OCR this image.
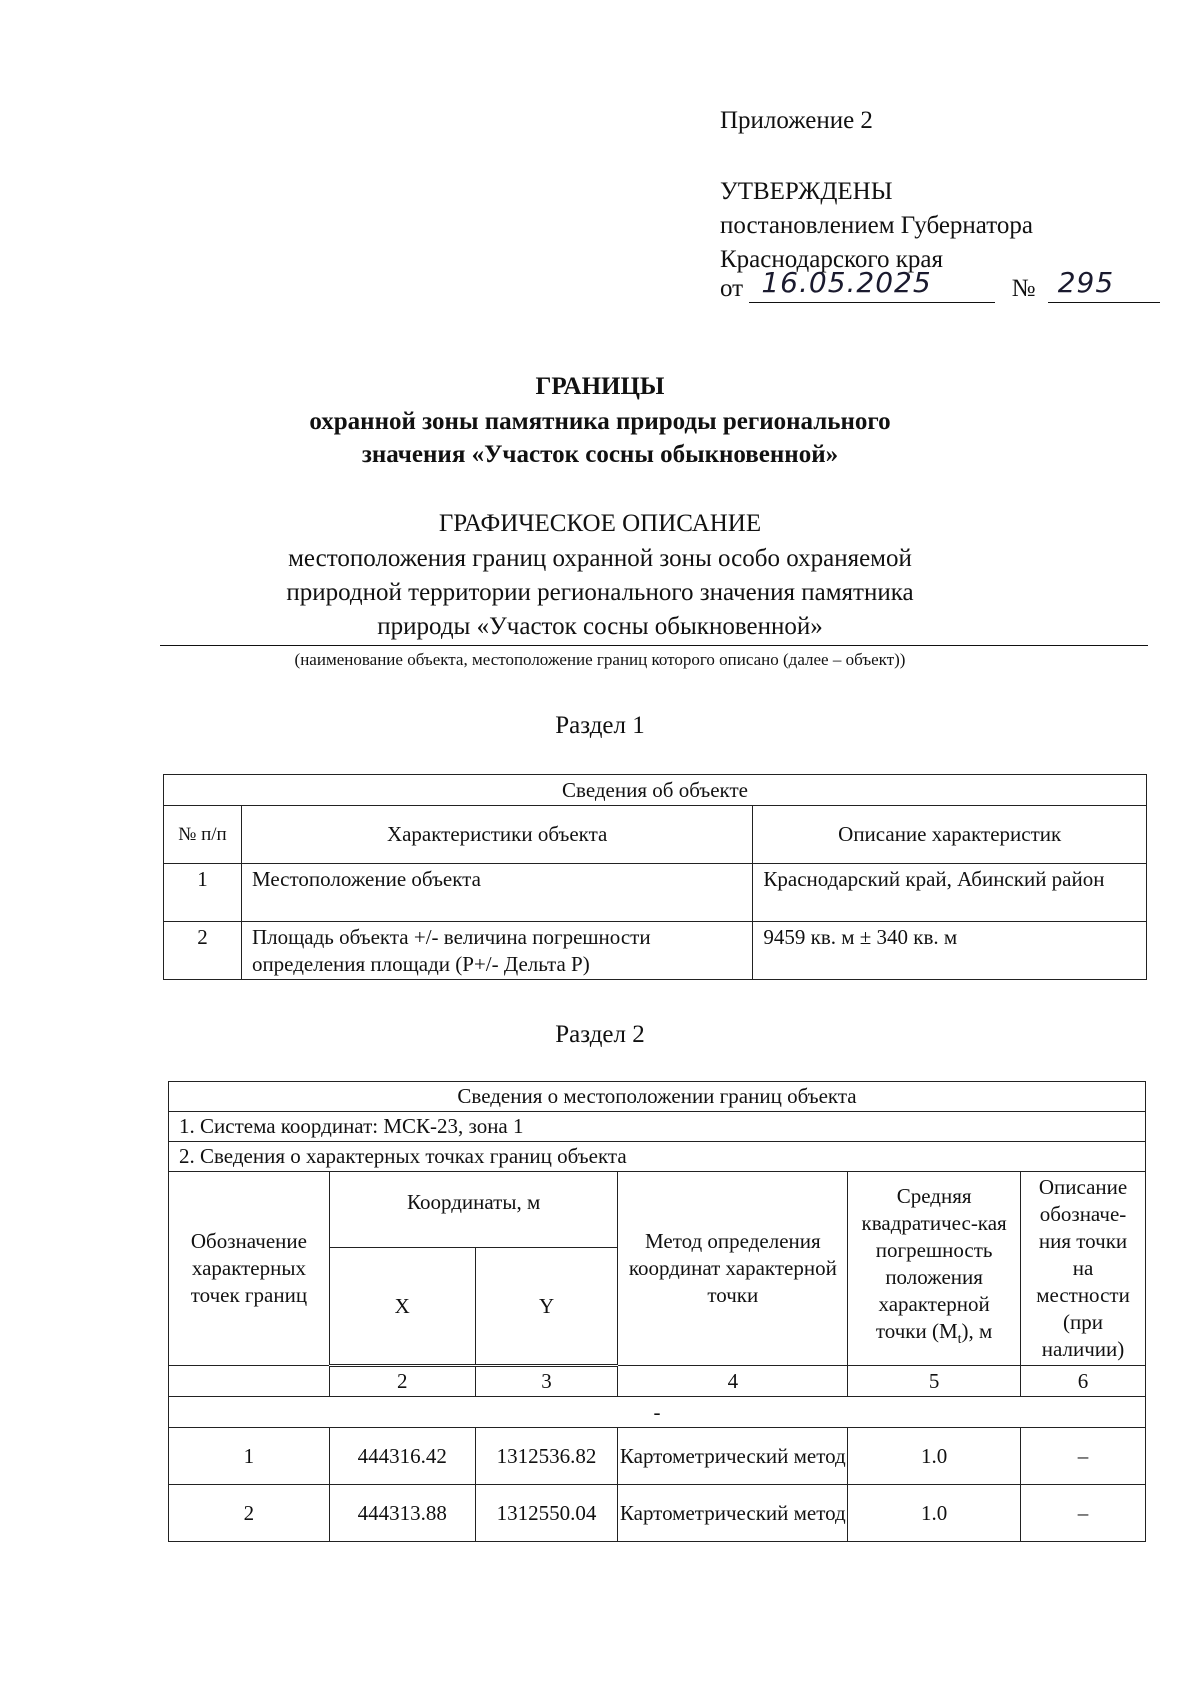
Приложение 2
УТВЕРЖДЕНЫ
постановлением Губернатора
Краснодарского края
от 16.05.2025	№ 295
ГРАНИЦЫ
охранной зоны памятника природы регионального
значения «Участок сосны обыкновенной»
ГРАФИЧЕСКОЕ ОПИСАНИЕ
местоположения границ охранной зоны особо охраняемой
природной территории регионального значения памятника
природы «Участок сосны обыкновенной»
(наименование объекта, местоположение границ которого описано (далее – объект))
Раздел 1
Сведения об объекте		
№ п/п	Характеристики объекта	Описание характеристик
1	Местоположение объекта	Краснодарский край, Абинский район
2	Площадь объекта +/- величина погрешности определения площади (Р+/- Дельта Р)	9459 кв. м ± 340 кв. м
Раздел 2
Сведения о местоположении границ объекта					
1. Система координат: МСК-23, зона 1					
2. Сведения о характерных точках границ объекта					
Обозначение характерных точек границ	Координаты, м		Метод определения координат характерной точки	Средняя квадратичес-кая погрешность положения характерной точки $(M_t)$, м	Описание обозначе-ния точки на местности (при наличии)
	X	Y			
	2	3	4	5	6
-					
1	444316.42	1312536.82	Картометрический метод	1.0	–
2	444313.88	1312550.04	Картометрический метод	1.0	–
